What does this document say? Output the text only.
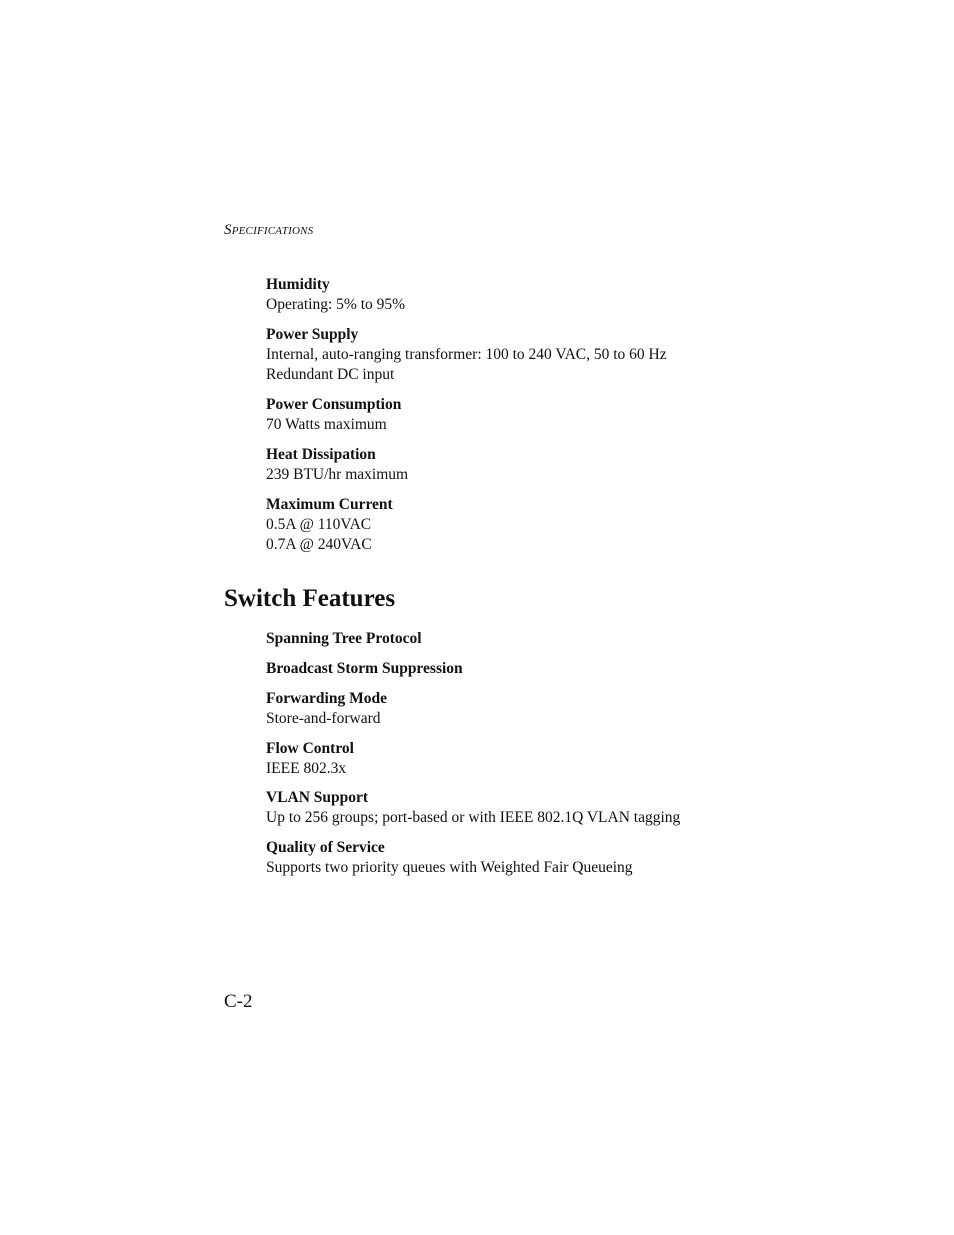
SPECIFICATIONS

Humidity

Operating: 5% to 95%

Power Supply

Internal, auto-ranging transformer: 100 to 240 VAC, 50 to 60 Hz

Redundant DC input

Power Consumption

70 Watts maximum

Heat Dissipation

239 BTU/hr maximum

Maximum Current

0.5A @ 110VAC

0.7A @ 240VAC

Switch Features

Spanning Tree Protocol

Broadcast Storm Suppression

Forwarding Mode

Store-and-forward

Flow Control

IEEE 802.3x

VLAN Support

Up to 256 groups; port-based or with IEEE 802.1Q VLAN tagging

Quality of Service

Supports two priority queues with Weighted Fair Queueing

C-2
